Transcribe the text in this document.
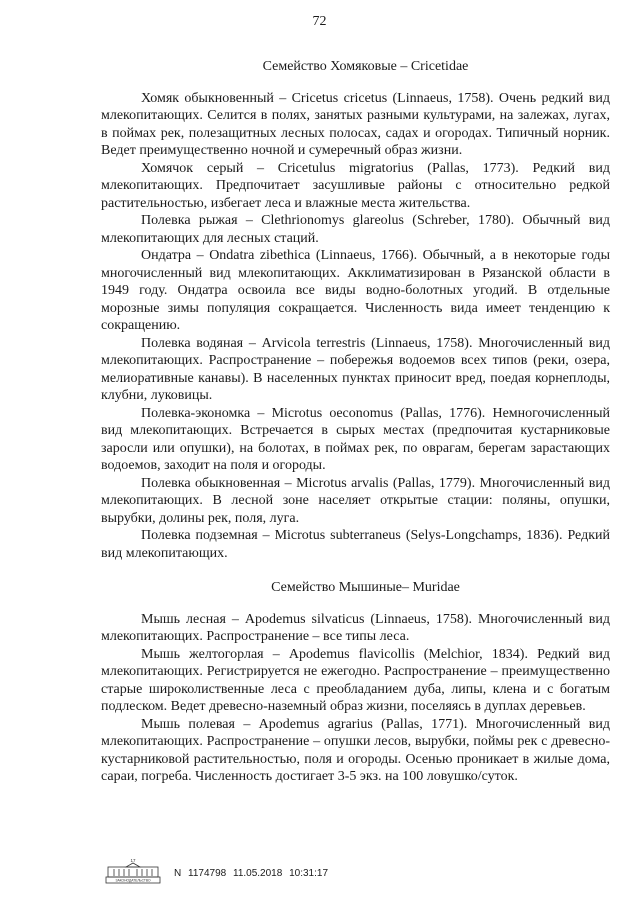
72

Семейство Хомяковые – Cricetidae

Хомяк обыкновенный – Cricetus cricetus (Linnaeus, 1758). Очень редкий вид млекопитающих. Селится в полях, занятых разными культурами, на залежах, лугах, в поймах рек, полезащитных лесных полосах, садах и огородах. Типичный норник. Ведет преимущественно ночной и сумеречный образ жизни.

Хомячок серый – Cricetulus migratorius (Pallas, 1773). Редкий вид млекопитающих. Предпочитает засушливые районы с относительно редкой растительностью, избегает леса и влажные места жительства.

Полевка рыжая – Clethrionomys glareolus (Schreber, 1780). Обычный вид млекопитающих для лесных стаций.

Ондатра – Ondatra zibethica (Linnaeus, 1766). Обычный, а в некоторые годы многочисленный вид млекопитающих. Акклиматизирован в Рязанской области в 1949 году. Ондатра освоила все виды водно-болотных угодий. В отдельные морозные зимы популяция сокращается. Численность вида имеет тенденцию к сокращению.

Полевка водяная – Arvicola terrestris (Linnaeus, 1758). Многочисленный вид млекопитающих. Распространение – побережья водоемов всех типов (реки, озера, мелиоративные канавы). В населенных пунктах приносит вред, поедая корнеплоды, клубни, луковицы.

Полевка-экономка – Microtus oeconomus (Pallas, 1776). Немногочисленный вид млекопитающих. Встречается в сырых местах (предпочитая кустарниковые заросли или опушки), на болотах, в поймах рек, по оврагам, берегам зарастающих водоемов, заходит на поля и огороды.

Полевка обыкновенная – Microtus arvalis (Pallas, 1779). Многочисленный вид млекопитающих. В лесной зоне населяет открытые стации: поляны, опушки, вырубки, долины рек, поля, луга.

Полевка подземная – Microtus subterraneus (Selys-Longchamps, 1836). Редкий вид млекопитающих.

Семейство Мышиные– Muridae

Мышь лесная – Apodemus silvaticus (Linnaeus, 1758). Многочисленный вид млекопитающих. Распространение – все типы леса.

Мышь желтогорлая – Apodemus flavicollis (Melchior, 1834). Редкий вид млекопитающих. Регистрируется не ежегодно. Распространение – преимущественно старые широколиственные леса с преобладанием дуба, липы, клена и с богатым подлеском. Ведет древесно-наземный образ жизни, поселяясь в дуплах деревьев.

Мышь полевая – Apodemus agrarius (Pallas, 1771). Многочисленный вид млекопитающих. Распространение – опушки лесов, вырубки, поймы рек с древесно-кустарниковой растительностью, поля и огороды. Осенью проникает в жилые дома, сараи, погреба. Численность достигает 3-5 экз. на 100 ловушко/суток.

17
ЗАКОНОДАТЕЛЬСТВО
N 1174798 11.05.2018 10:31:17
